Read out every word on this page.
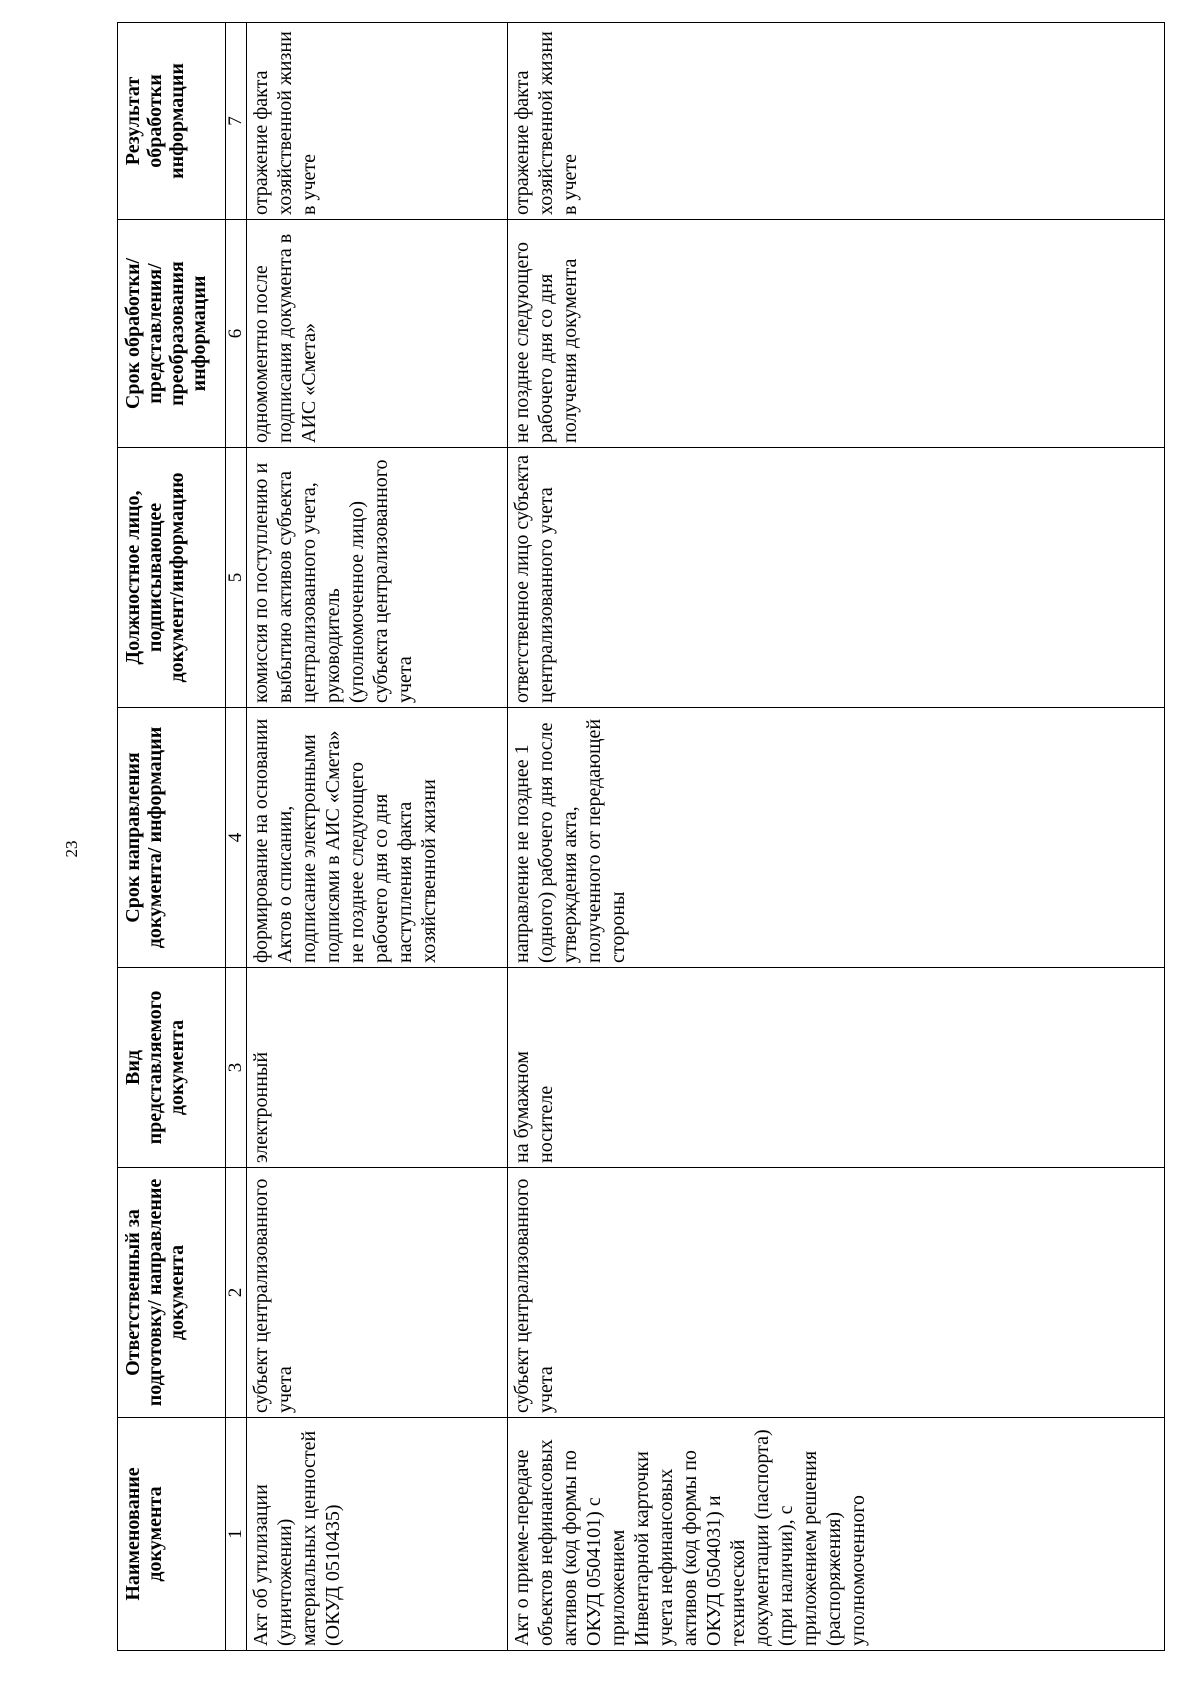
23
Наименование документа	Ответственный за подготовку/ направление документа	Вид представляемого документа	Срок направления документа/ информации	Должностное лицо, подписывающее документ/информацию	Срок обработки/ представления/ преобразования информации	Результат обработки информации
1	2	3	4	5	6	7
Акт об утилизации (уничтожении) материальных ценностей (ОКУД 0510435)	субъект централизованного учета	электронный	формирование на основании Актов о списании, подписание электронными подписями в АИС «Смета» не позднее следующего рабочего дня со дня наступления факта хозяйственной жизни	комиссия по поступлению и выбытию активов субъекта централизованного учета, руководитель (уполномоченное лицо) субъекта централизованного учета	одномоментно после подписания документа в АИС «Смета»	отражение факта хозяйственной жизни в учете
Акт о приеме-передаче объектов нефинансовых активов (код формы по ОКУД 0504101) с приложением Инвентарной карточки учета нефинансовых активов (код формы по ОКУД 0504031) и технической документации (паспорта) (при наличии), с приложением решения (распоряжения) уполномоченного	субъект централизованного учета	на бумажном носителе	направление не позднее 1 (одного) рабочего дня после утверждения акта, полученного от передающей стороны	ответственное лицо субъекта централизованного учета	не позднее следующего рабочего дня со дня получения документа	отражение факта хозяйственной жизни в учете
